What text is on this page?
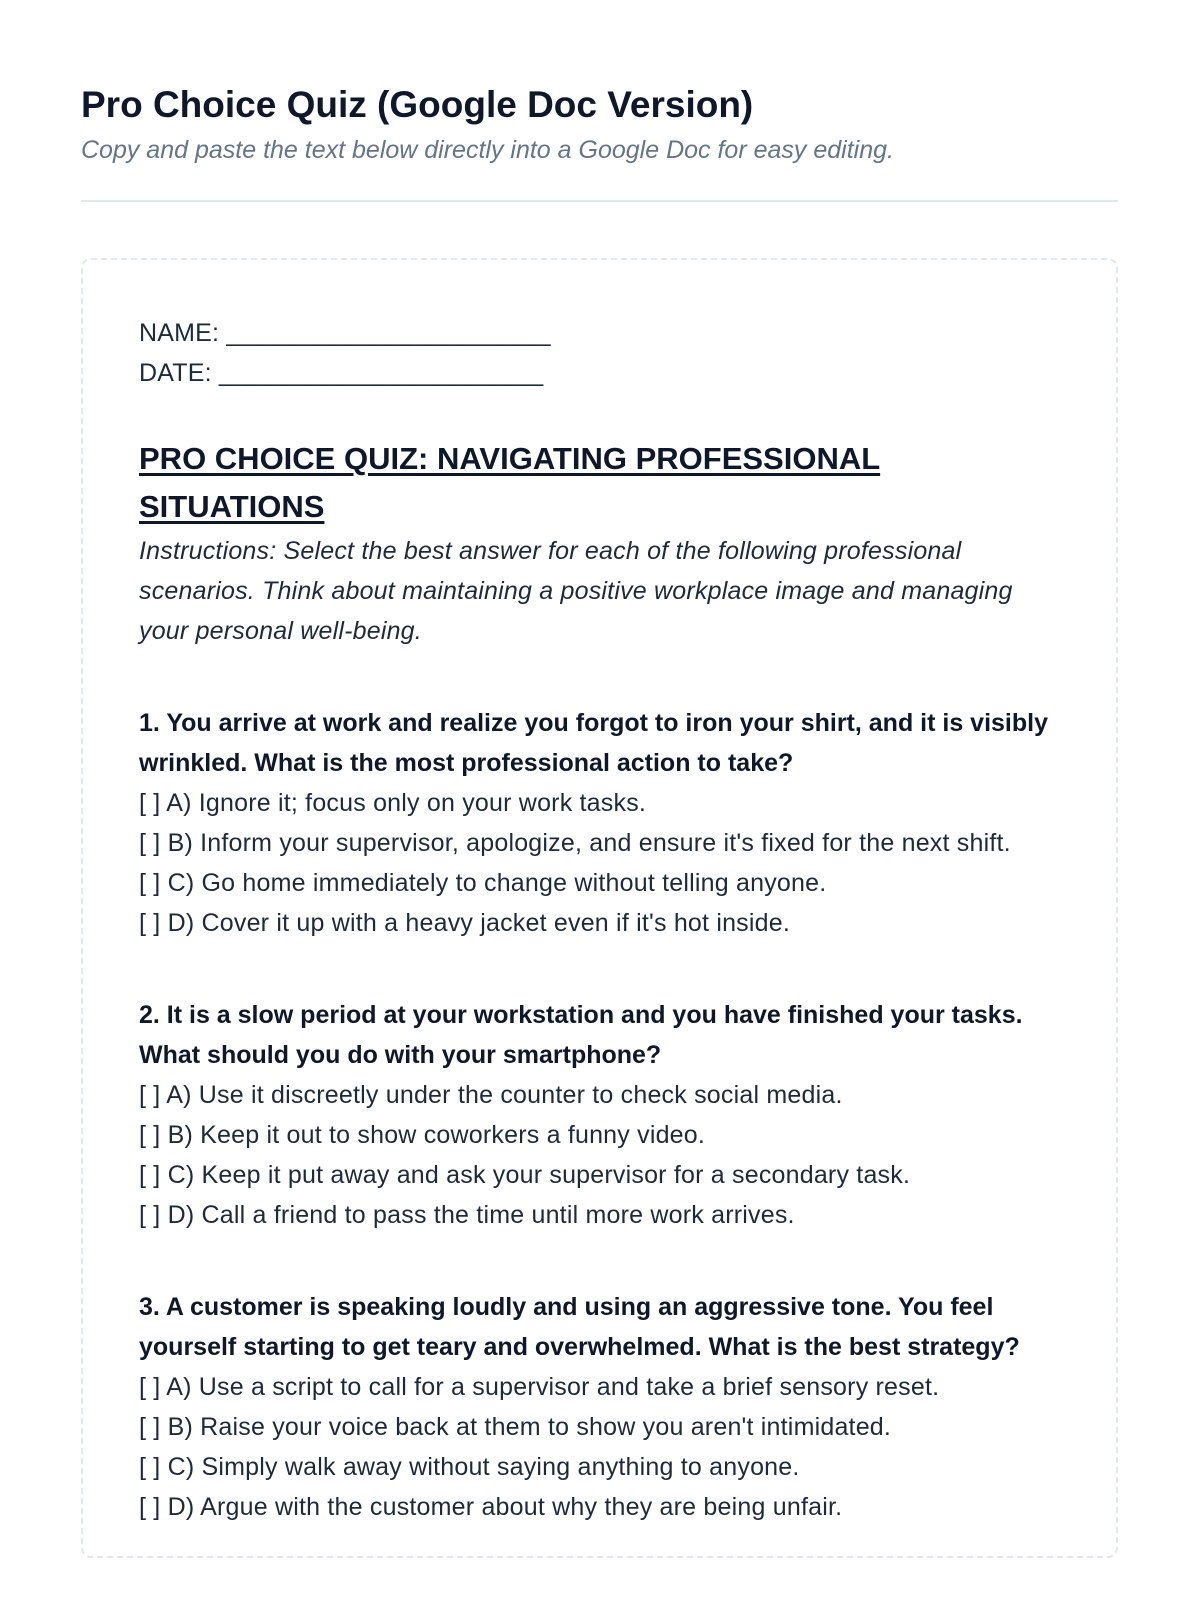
Pro Choice Quiz (Google Doc Version)

Copy and paste the text below directly into a Google Doc for easy editing.

NAME: _______________________
DATE: _______________________
PRO CHOICE QUIZ: NAVIGATING PROFESSIONAL SITUATIONS
Instructions: Select the best answer for each of the following professional scenarios. Think about maintaining a positive workplace image and managing your personal well-being.
1. You arrive at work and realize you forgot to iron your shirt, and it is visibly wrinkled. What is the most professional action to take?
[ ] A) Ignore it; focus only on your work tasks.
[ ] B) Inform your supervisor, apologize, and ensure it's fixed for the next shift.
[ ] C) Go home immediately to change without telling anyone.
[ ] D) Cover it up with a heavy jacket even if it's hot inside.
2. It is a slow period at your workstation and you have finished your tasks. What should you do with your smartphone?
[ ] A) Use it discreetly under the counter to check social media.
[ ] B) Keep it out to show coworkers a funny video.
[ ] C) Keep it put away and ask your supervisor for a secondary task.
[ ] D) Call a friend to pass the time until more work arrives.
3. A customer is speaking loudly and using an aggressive tone. You feel yourself starting to get teary and overwhelmed. What is the best strategy?
[ ] A) Use a script to call for a supervisor and take a brief sensory reset.
[ ] B) Raise your voice back at them to show you aren't intimidated.
[ ] C) Simply walk away without saying anything to anyone.
[ ] D) Argue with the customer about why they are being unfair.
